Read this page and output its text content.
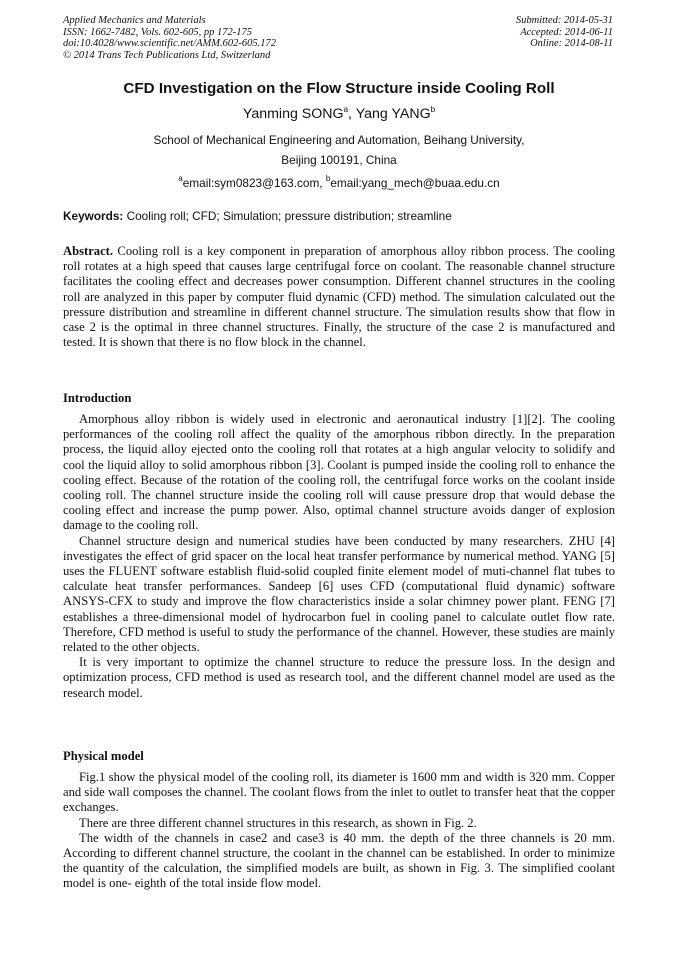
Applied Mechanics and Materials
ISSN: 1662-7482, Vols. 602-605, pp 172-175
doi:10.4028/www.scientific.net/AMM.602-605.172
© 2014 Trans Tech Publications Ltd, Switzerland
Submitted: 2014-05-31
Accepted: 2014-06-11
Online: 2014-08-11
CFD Investigation on the Flow Structure inside Cooling Roll
Yanming SONG$^a$, Yang YANG$^b$
School of Mechanical Engineering and Automation, Beihang University,
Beijing 100191, China
$^a$email:sym0823@163.com, $^b$email:yang_mech@buaa.edu.cn
Keywords: Cooling roll; CFD; Simulation; pressure distribution; streamline

Abstract. Cooling roll is a key component in preparation of amorphous alloy ribbon process. The cooling roll rotates at a high speed that causes large centrifugal force on coolant. The reasonable channel structure facilitates the cooling effect and decreases power consumption. Different channel structures in the cooling roll are analyzed in this paper by computer fluid dynamic (CFD) method. The simulation calculated out the pressure distribution and streamline in different channel structure. The simulation results show that flow in case 2 is the optimal in three channel structures. Finally, the structure of the case 2 is manufactured and tested. It is shown that there is no flow block in the channel.

Introduction

Amorphous alloy ribbon is widely used in electronic and aeronautical industry [1][2]. The cooling performances of the cooling roll affect the quality of the amorphous ribbon directly. In the preparation process, the liquid alloy ejected onto the cooling roll that rotates at a high angular velocity to solidify and cool the liquid alloy to solid amorphous ribbon [3]. Coolant is pumped inside the cooling roll to enhance the cooling effect. Because of the rotation of the cooling roll, the centrifugal force works on the coolant inside cooling roll. The channel structure inside the cooling roll will cause pressure drop that would debase the cooling effect and increase the pump power. Also, optimal channel structure avoids danger of explosion damage to the cooling roll.

Channel structure design and numerical studies have been conducted by many researchers. ZHU [4] investigates the effect of grid spacer on the local heat transfer performance by numerical method. YANG [5] uses the FLUENT software establish fluid-solid coupled finite element model of muti-channel flat tubes to calculate heat transfer performances. Sandeep [6] uses CFD (computational fluid dynamic) software ANSYS-CFX to study and improve the flow characteristics inside a solar chimney power plant. FENG [7] establishes a three-dimensional model of hydrocarbon fuel in cooling panel to calculate outlet flow rate. Therefore, CFD method is useful to study the performance of the channel. However, these studies are mainly related to the other objects.

It is very important to optimize the channel structure to reduce the pressure loss. In the design and optimization process, CFD method is used as research tool, and the different channel model are used as the research model.

Physical model

Fig.1 show the physical model of the cooling roll, its diameter is 1600 mm and width is 320 mm. Copper and side wall composes the channel. The coolant flows from the inlet to outlet to transfer heat that the copper exchanges.

There are three different channel structures in this research, as shown in Fig. 2.

The width of the channels in case2 and case3 is 40 mm. the depth of the three channels is 20 mm. According to different channel structure, the coolant in the channel can be established. In order to minimize the quantity of the calculation, the simplified models are built, as shown in Fig. 3. The simplified coolant model is one- eighth of the total inside flow model.
